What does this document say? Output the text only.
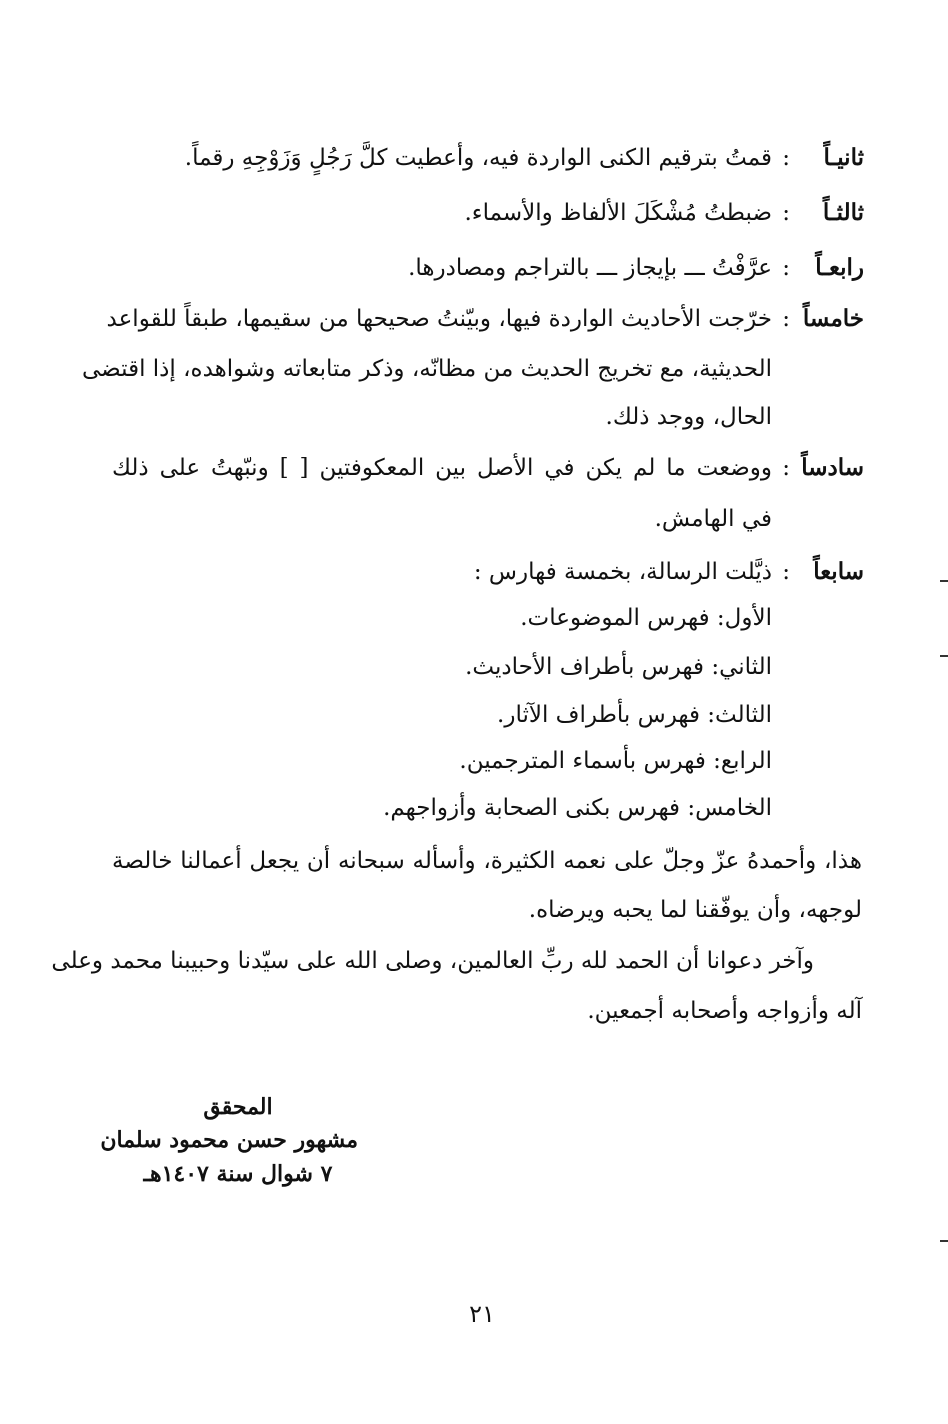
ثانيـاً
:
قمتُ بترقيم الكنى الواردة فيه، وأعطيت كلَّ رَجُلٍ وَزَوْجِهِ رقماً.
ثالثـاً
:
ضبطتُ مُشْكَلَ الألفاظ والأسماء.
رابعـاً
:
عرَّفْتُ ـــ بإيجاز ـــ بالتراجم ومصادرها.
خامساً
:
خرّجت الأحاديث الواردة فيها، وبيّنتُ صحيحها من سقيمها، طبقاً للقواعد
الحديثية، مع تخريج الحديث من مظانّه، وذكر متابعاته وشواهده، إذا اقتضى
الحال، ووجد ذلك.
سادساً
:
ووضعت ما لم يكن في الأصل بين المعكوفتين [ ] ونبّهتُ على ذلك
في الهامش.
سابعاً
:
ذيَّلت الرسالة، بخمسة فهارس :
الأول: فهرس الموضوعات.
الثاني: فهرس بأطراف الأحاديث.
الثالث: فهرس بأطراف الآثار.
الرابع: فهرس بأسماء المترجمين.
الخامس: فهرس بكنى الصحابة وأزواجهم.
هذا، وأحمدهُ عزّ وجلّ على نعمه الكثيرة، وأسأله سبحانه أن يجعل أعمالنا خالصة
لوجهه، وأن يوفّقنا لما يحبه ويرضاه.
وآخر دعوانا أن الحمد لله ربِّ العالمين، وصلى الله على سيّدنا وحبيبنا محمد وعلى
آله وأزواجه وأصحابه أجمعين.
المحقق
مشهور حسن محمود سلمان
٧ شوال سنة ١٤٠٧هـ
٢١
